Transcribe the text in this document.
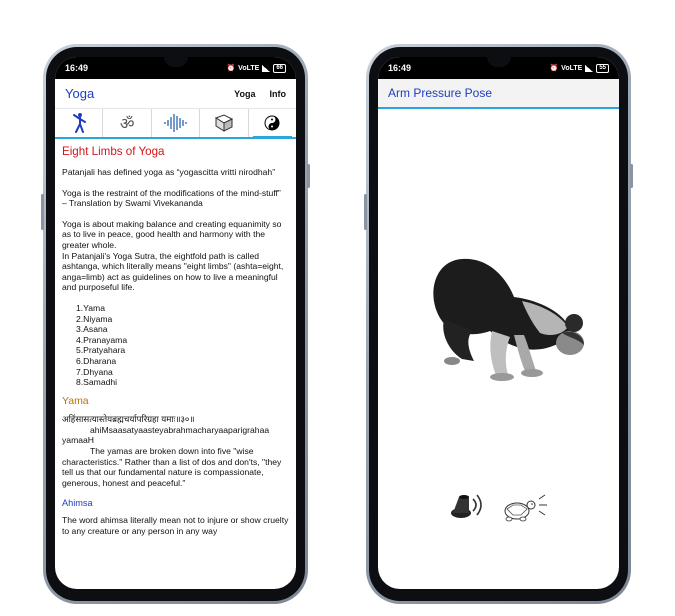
16:49	⏰ VoLTE	66
Yoga	Yoga Info
ॐ
Eight Limbs of Yoga

Patanjali has defined yoga as “yogascitta vritti nirodhah”

Yoga is the restraint of the modifications of the mind-stuff”

– Translation by Swami Vivekananda

Yoga is about making balance and creating equanimity so as to live in peace, good health and harmony with the greater whole.

In Patanjali's Yoga Sutra, the eightfold path is called ashtanga, which literally means "eight limbs" (ashta=eight, anga=limb) act as guidelines on how to live a meaningful and purposeful life.

1.Yama
2.Niyama
3.Asana
4.Pranayama
5.Pratyahara
6.Dharana
7.Dhyana
8.Samadhi
Yama
अहिंसासत्यास्तेयब्रह्मचर्यापरिग्रहा यमाः॥३०॥
ahiMsaasatyaasteyabrahmacharyaaparigrahaa
yamaaH

The yamas are broken down into five "wise characteristics." Rather than a list of dos and don'ts, "they tell us that our fundamental nature is compassionate, generous, honest and peaceful."

Ahimsa
The word ahimsa literally mean not to injure or show cruelty to any creature or any person in any way
16:49	⏰ VoLTE	55
Arm Pressure Pose
